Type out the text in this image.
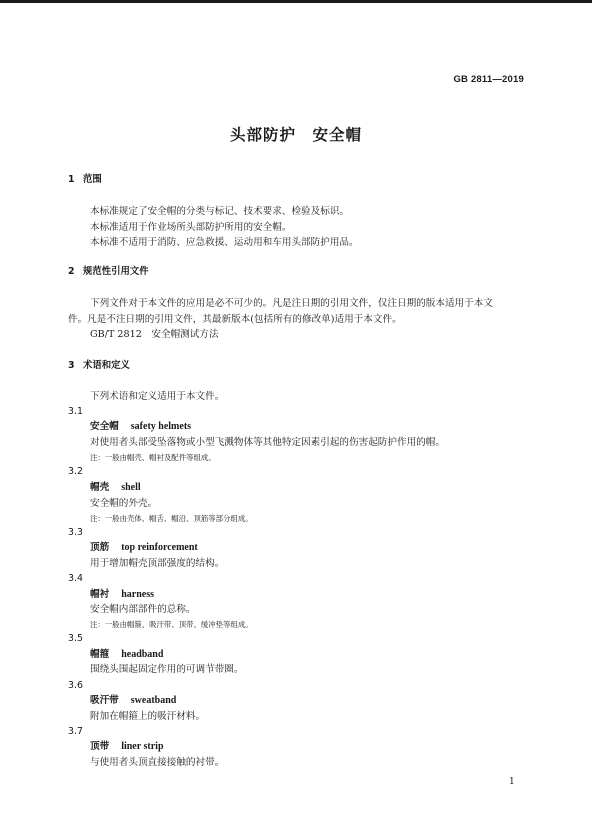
GB 2811—2019
头部防护　安全帽
1 范围
本标准规定了安全帽的分类与标记、技术要求、检验及标识。
本标准适用于作业场所头部防护所用的安全帽。
本标准不适用于消防、应急救援、运动用和车用头部防护用品。
2 规范性引用文件
下列文件对于本文件的应用是必不可少的。凡是注日期的引用文件，仅注日期的版本适用于本文
件。凡是不注日期的引用文件，其最新版本(包括所有的修改单)适用于本文件。
GB/T 2812　安全帽测试方法
3 术语和定义
下列术语和定义适用于本文件。
3.1
安全帽 safety helmets
对使用者头部受坠落物或小型飞溅物体等其他特定因素引起的伤害起防护作用的帽。
注：一般由帽壳、帽衬及配件等组成。
3.2
帽壳 shell
安全帽的外壳。
注：一般由壳体、帽舌、帽沿、顶筋等部分组成。
3.3
顶筋 top reinforcement
用于增加帽壳顶部强度的结构。
3.4
帽衬 harness
安全帽内部部件的总称。
注：一般由帽箍、吸汗带、顶带、缓冲垫等组成。
3.5
帽箍 headband
围绕头围起固定作用的可调节带圈。
3.6
吸汗带 sweatband
附加在帽箍上的吸汗材料。
3.7
顶带 liner strip
与使用者头顶直接接触的衬带。
1
